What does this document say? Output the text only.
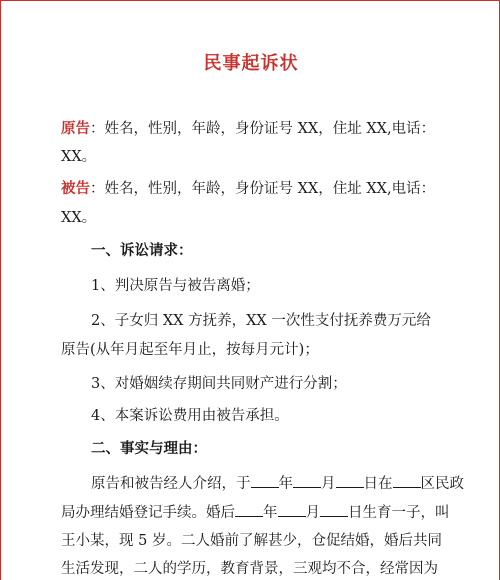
民事起诉状
原告：姓名，性别，年龄，身份证号 XX，住址 XX,电话：
XX。
被告：姓名，性别，年龄，身份证号 XX，住址 XX,电话：
XX。
一、诉讼请求：
1、判决原告与被告离婚；
2、子女归 XX 方抚养，XX 一次性支付抚养费万元给
原告(从年月起至年月止，按每月元计)；
3、对婚姻续存期间共同财产进行分割；
4、本案诉讼费用由被告承担。
二、事实与理由：
原告和被告经人介绍，于 年 月 日在 区民政
局办理结婚登记手续。婚后 年 月 日生育一子，叫
王小某，现 5 岁。二人婚前了解甚少，仓促结婚，婚后共同
生活发现，二人的学历，教育背景，三观均不合，经常因为
